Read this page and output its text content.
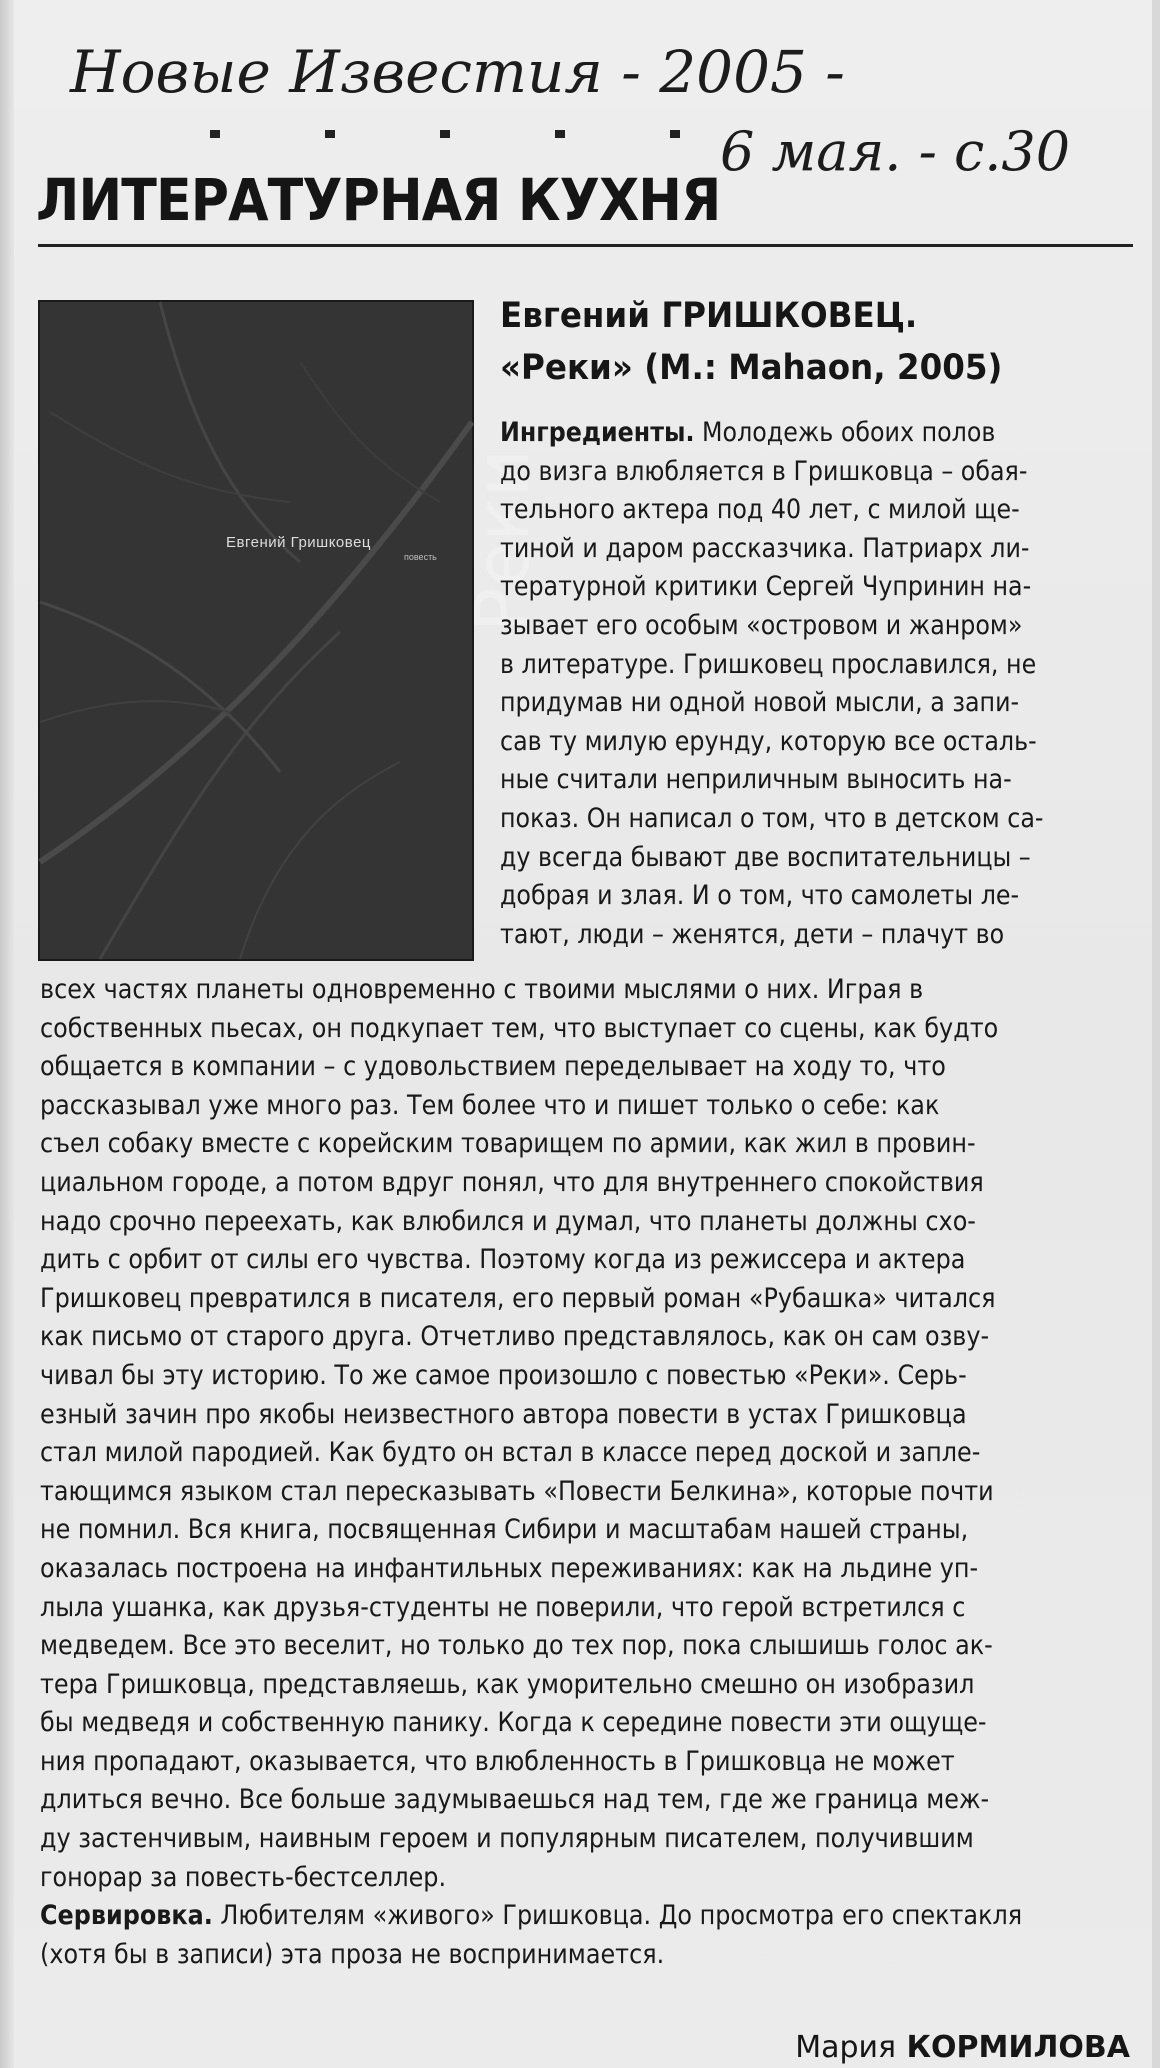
Новые Известия - 2005 -
6 мая. - с.30
ЛИТЕРАТУРНАЯ КУХНЯ
Евгений Гришковец
повесть Реки
Евгений ГРИШКОВЕЦ.
«Реки» (М.: Mahaon, 2005)
Ингредиенты. Молодежь обоих полов
до визга влюбляется в Гришковца – обая-
тельного актера под 40 лет, с милой ще-
тиной и даром рассказчика. Патриарх ли-
тературной критики Сергей Чупринин на-
зывает его особым «островом и жанром»
в литературе. Гришковец прославился, не
придумав ни одной новой мысли, а запи-
сав ту милую ерунду, которую все осталь-
ные считали неприличным выносить на-
показ. Он написал о том, что в детском са-
ду всегда бывают две воспитательницы –
добрая и злая. И о том, что самолеты ле-
тают, люди – женятся, дети – плачут во
всех частях планеты одновременно с твоими мыслями о них. Играя в
собственных пьесах, он подкупает тем, что выступает со сцены, как будто
общается в компании – с удовольствием переделывает на ходу то, что
рассказывал уже много раз. Тем более что и пишет только о себе: как
съел собаку вместе с корейским товарищем по армии, как жил в провин-
циальном городе, а потом вдруг понял, что для внутреннего спокойствия
надо срочно переехать, как влюбился и думал, что планеты должны схо-
дить с орбит от силы его чувства. Поэтому когда из режиссера и актера
Гришковец превратился в писателя, его первый роман «Рубашка» читался
как письмо от старого друга. Отчетливо представлялось, как он сам озву-
чивал бы эту историю. То же самое произошло с повестью «Реки». Серь-
езный зачин про якобы неизвестного автора повести в устах Гришковца
стал милой пародией. Как будто он встал в классе перед доской и запле-
тающимся языком стал пересказывать «Повести Белкина», которые почти
не помнил. Вся книга, посвященная Сибири и масштабам нашей страны,
оказалась построена на инфантильных переживаниях: как на льдине уп-
лыла ушанка, как друзья-студенты не поверили, что герой встретился с
медведем. Все это веселит, но только до тех пор, пока слышишь голос ак-
тера Гришковца, представляешь, как уморительно смешно он изобразил
бы медведя и собственную панику. Когда к середине повести эти ощуще-
ния пропадают, оказывается, что влюбленность в Гришковца не может
длиться вечно. Все больше задумываешься над тем, где же граница меж-
ду застенчивым, наивным героем и популярным писателем, получившим
гонорар за повесть-бестселлер.
Сервировка. Любителям «живого» Гришковца. До просмотра его спектакля
(хотя бы в записи) эта проза не воспринимается.
Мария КОРМИЛОВА
